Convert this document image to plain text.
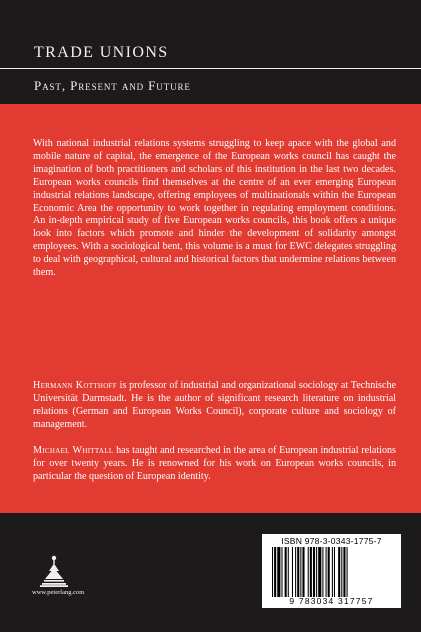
TRADE UNIONS
Past, Present and Future

With national industrial relations systems struggling to keep apace with the global and mobile nature of capital, the emergence of the European works council has caught the imagination of both practitioners and scholars of this institution in the last two decades. European works councils find themselves at the centre of an ever emerging European industrial relations landscape, offering employees of multinationals within the European Economic Area the opportunity to work together in regulating employment conditions. An in-depth empirical study of five European works councils, this book offers a unique look into factors which promote and hinder the development of solidarity amongst employees. With a sociological bent, this volume is a must for EWC delegates struggling to deal with geographical, cultural and historical factors that undermine relations between them.

Hermann Kotthoff is professor of industrial and organizational sociology at Technische Universität Darmstadt. He is the author of significant research literature on industrial relations (German and European Works Council), corporate culture and sociology of management.

Michael Whittall has taught and researched in the area of European industrial relations for over twenty years. He is renowned for his work on European works councils, in particular the question of European identity.

www.peterlang.com
ISBN 978-3-0343-1775-7
9 783034 317757
